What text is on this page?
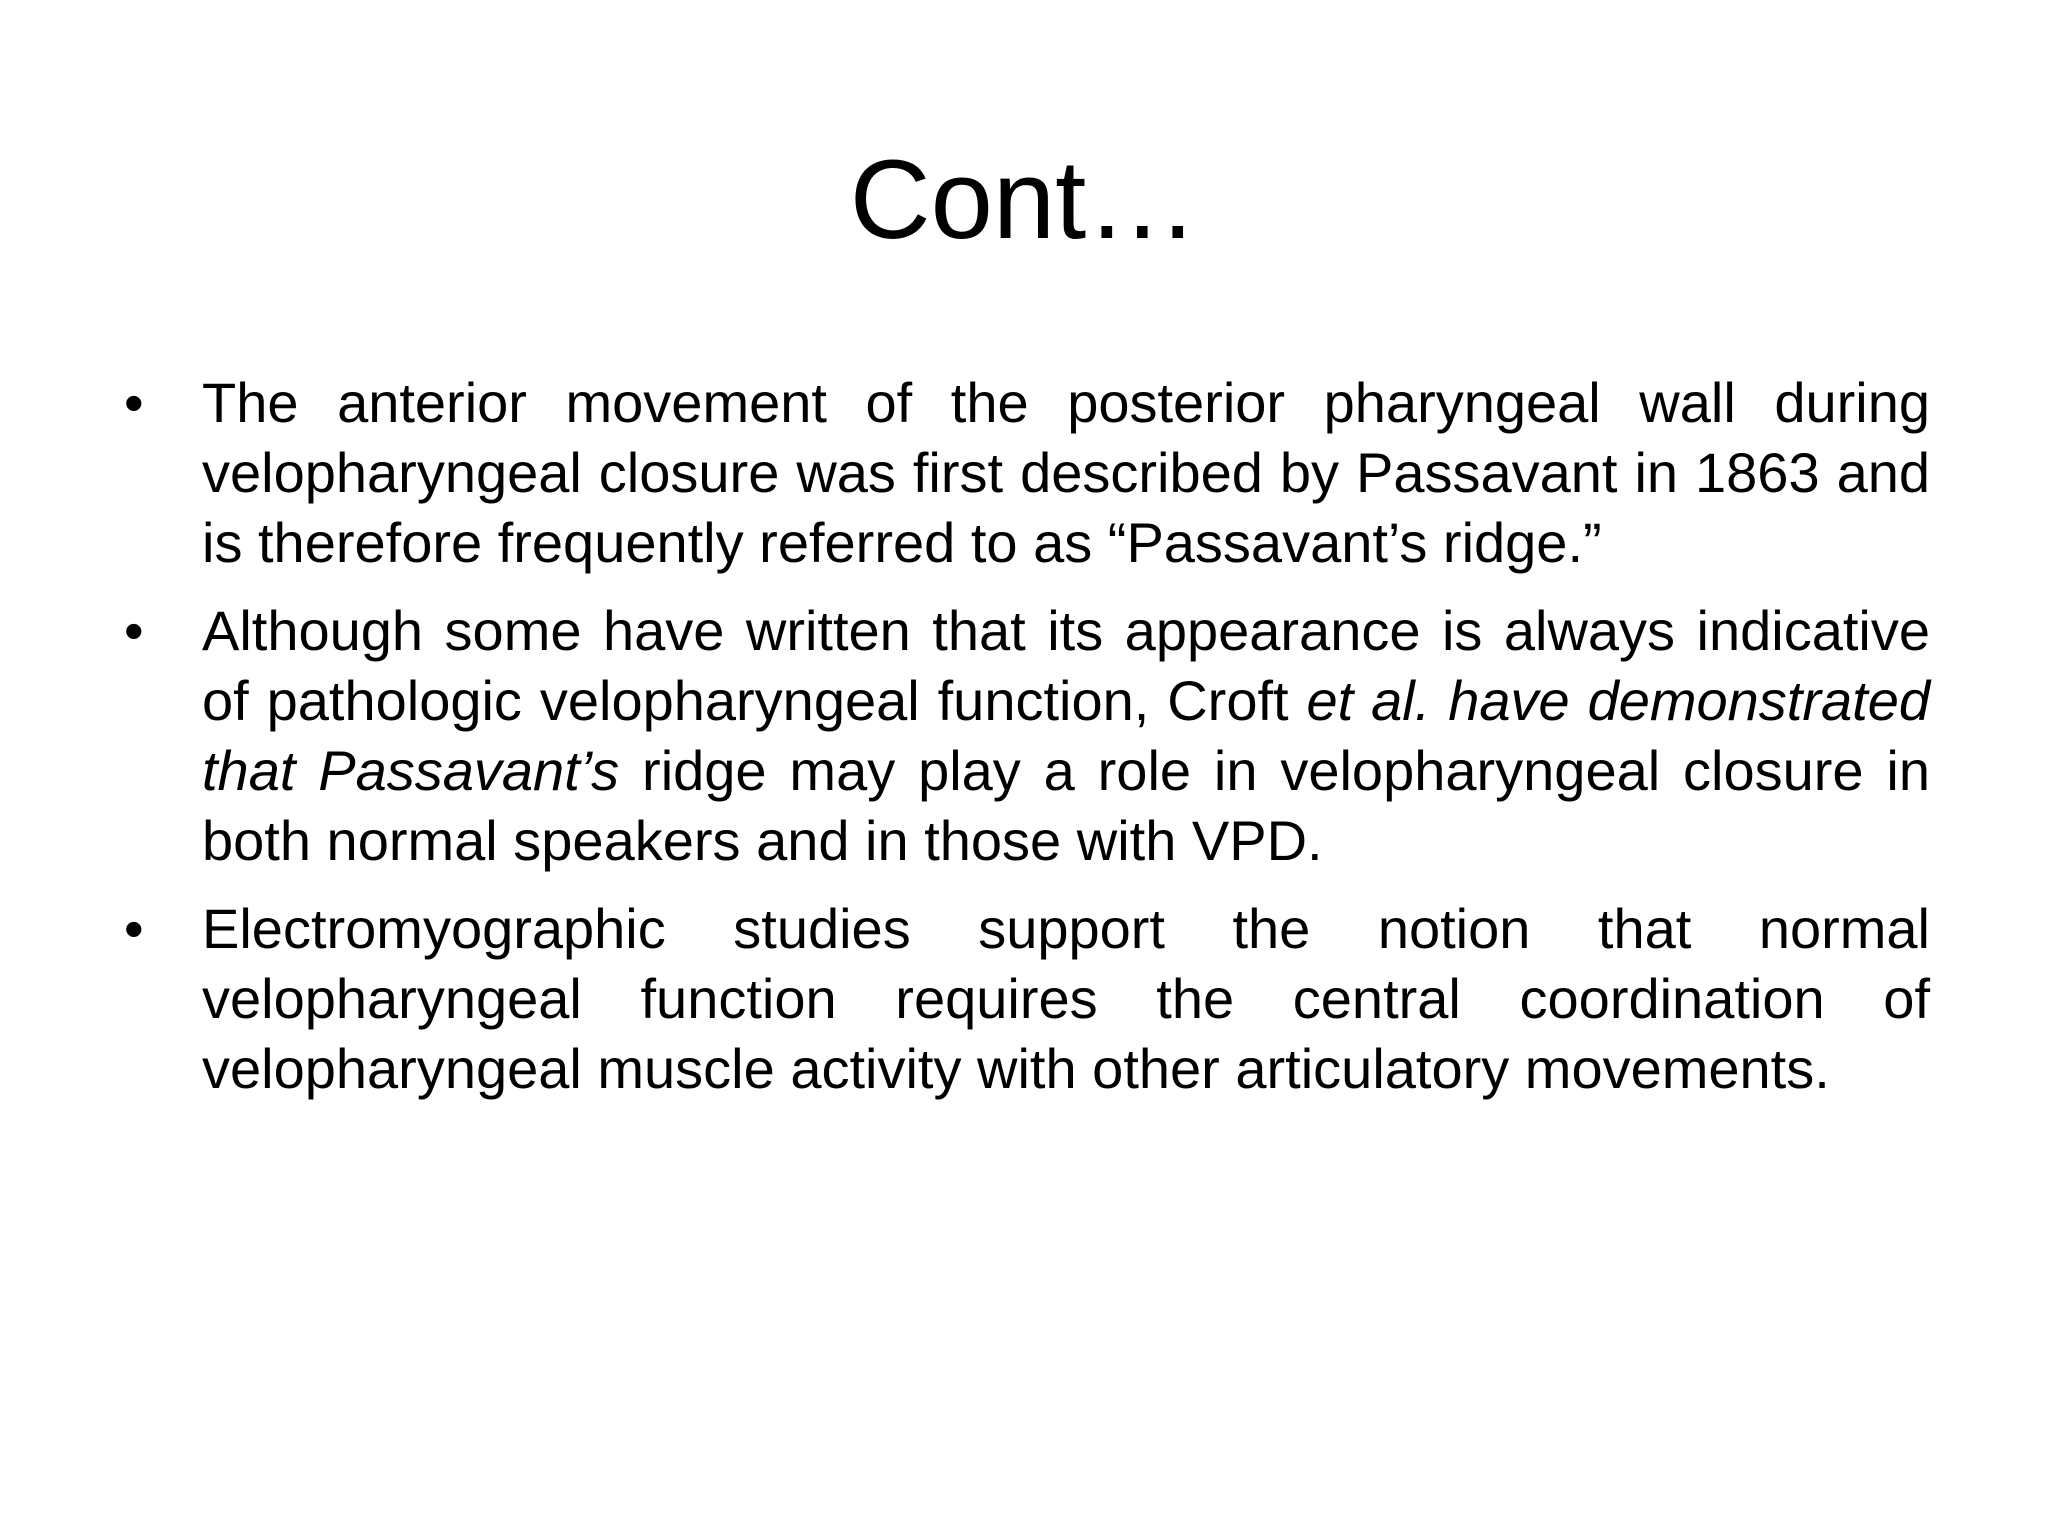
Cont…
• The anterior movement of the posterior pharyngeal wall during velopharyngeal closure was first described by Passavant in 1863 and is therefore frequently referred to as “Passavant’s ridge.”
• Although some have written that its appearance is always indicative of pathologic velopharyngeal function, Croft et al. have demonstrated that Passavant’s ridge may play a role in velopharyngeal closure in both normal speakers and in those with VPD.
• Electromyographic studies support the notion that normal velopharyngeal function requires the central coordination of velopharyngeal muscle activity with other articulatory movements.
